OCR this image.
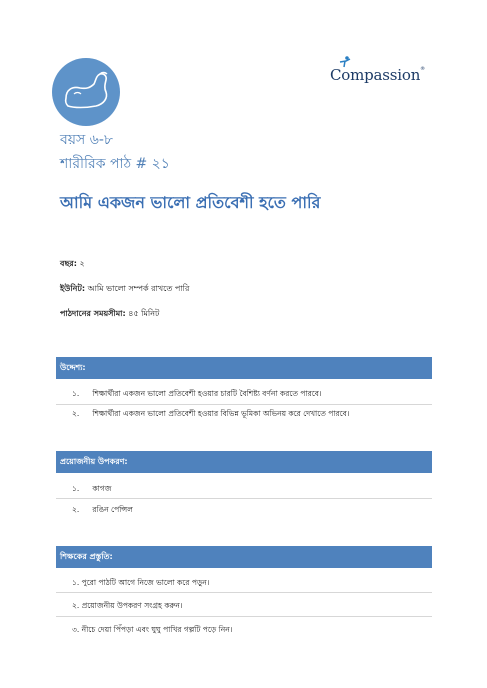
Compassion®
বয়স ৬-৮
শারীরিক পাঠ # ২১
আমি একজন ভালো প্রতিবেশী হতে পারি
বছর: ২
ইউনিট: আমি ভালো সম্পর্ক রাখতে পারি
পাঠদানের সময়সীমা: ৪৫ মিনিট
উদ্দেশ্য:
১. শিক্ষার্থীরা একজন ভালো প্রতিবেশী হওয়ার চারটি বৈশিষ্ট্য বর্ণনা করতে পারবে।
২. শিক্ষার্থীরা একজন ভালো প্রতিবেশী হওয়ার বিভিন্ন ভূমিকা অভিনয় করে দেখাতে পারবে।
প্রয়োজনীয় উপকরণ:
১. কাগজ
২. রঙিন পেন্সিল
শিক্ষকের প্রস্তুতি:
১. পুরো পাঠটি আগে নিজে ভালো করে পড়ুন।
২. প্রয়োজনীয় উপকরণ সংগ্রহ করুন।
৩. নীচে দেয়া পিঁপড়া এবং ঘুঘু পাখির গল্পটি পড়ে নিন।
